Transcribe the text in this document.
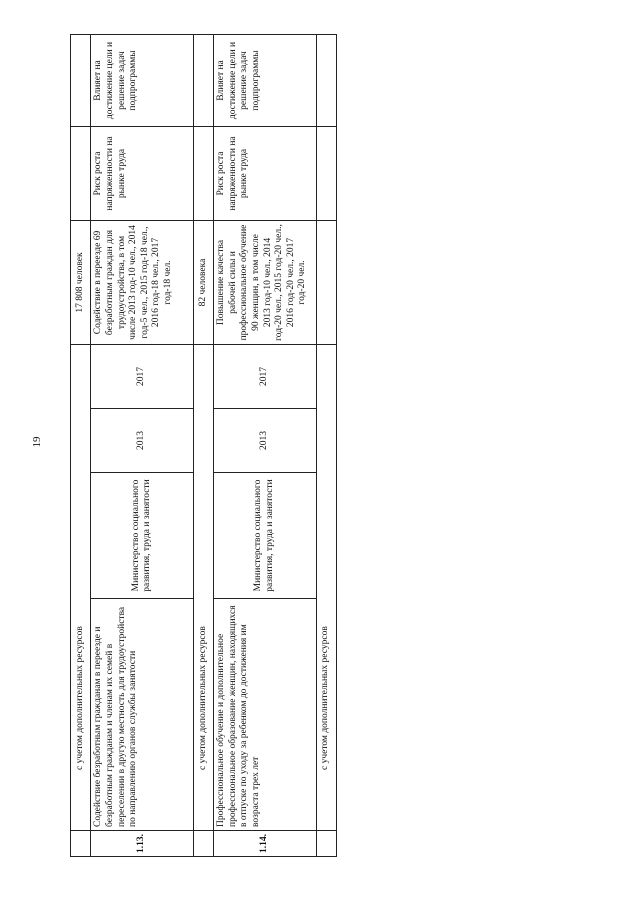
19
	с учетом дополнительных ресурсов				17 808 человек		
1.13.	Содействие безработным гражданам в переезде и безработным гражданам и членам их семей в переселении в другую местность для трудоустройства по направлению органов службы занятости	Министерство социального развития, труда и занятости	2013	2017	Содействие в переезде 69 безработным граждан для трудоустройства, в том числе 2013 год-10 чел., 2014 год-5 чел., 2015 год-18 чел., 2016 год-18 чел., 2017 год-18 чел.	Риск роста напряженности на рынке труда	Влияет на достижение цели и решение задач подпрограммы
	с учетом дополнительных ресурсов				82 человека		
1.14.	Профессиональное обучение и дополнительное профессиональное образование женщин, находящихся в отпуске по уходу за ребенком до достижения им возраста трех лет	Министерство социального развития, труда и занятости	2013	2017	Повышение качества рабочей силы и профессиональное обучение 90 женщин, в том числе 2013 год-10 чел., 2014 год-20 чел., 2015 год-20 чел., 2016 год-20 чел., 2017 год-20 чел.	Риск роста напряженности на рынке труда	Влияет на достижение цели и решение задач подпрограммы
	с учетом дополнительных ресурсов						
